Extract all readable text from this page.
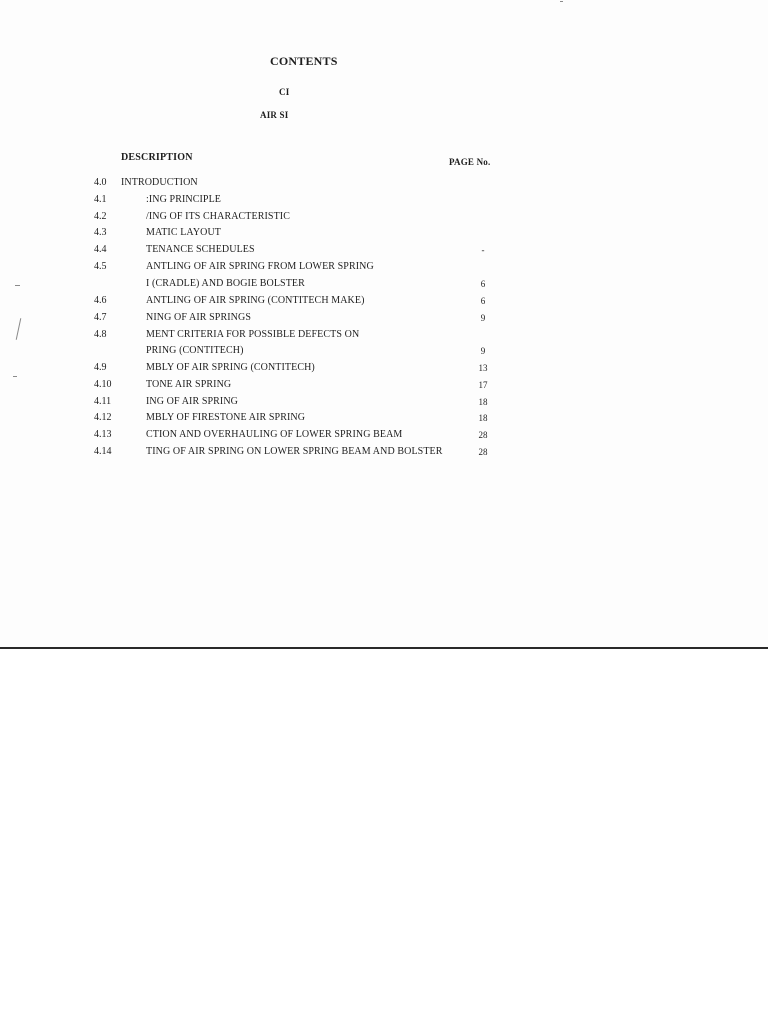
CONTENTS
CI
AIR SI
DESCRIPTION	PAGE No.
4.0 INTRODUCTION
4.1	:ING PRINCIPLE
4.2	/ING OF ITS CHARACTERISTIC
4.3	MATIC LAYOUT
4.4	TENANCE SCHEDULES	-
4.5	ANTLING OF AIR SPRING FROM LOWER SPRING
I (CRADLE) AND BOGIE BOLSTER	6
4.6	ANTLING OF AIR SPRING (CONTITECH MAKE)	6
4.7	NING OF AIR SPRINGS	9
4.8	MENT CRITERIA FOR POSSIBLE DEFECTS ON
PRING (CONTITECH)	9
4.9	MBLY OF AIR SPRING (CONTITECH)	13
4.10	TONE AIR SPRING	17
4.11	ING OF AIR SPRING	18
4.12	MBLY OF FIRESTONE AIR SPRING	18
4.13	CTION AND OVERHAULING OF LOWER SPRING BEAM	28
4.14	TING OF AIR SPRING ON LOWER SPRING BEAM AND BOLSTER	28
